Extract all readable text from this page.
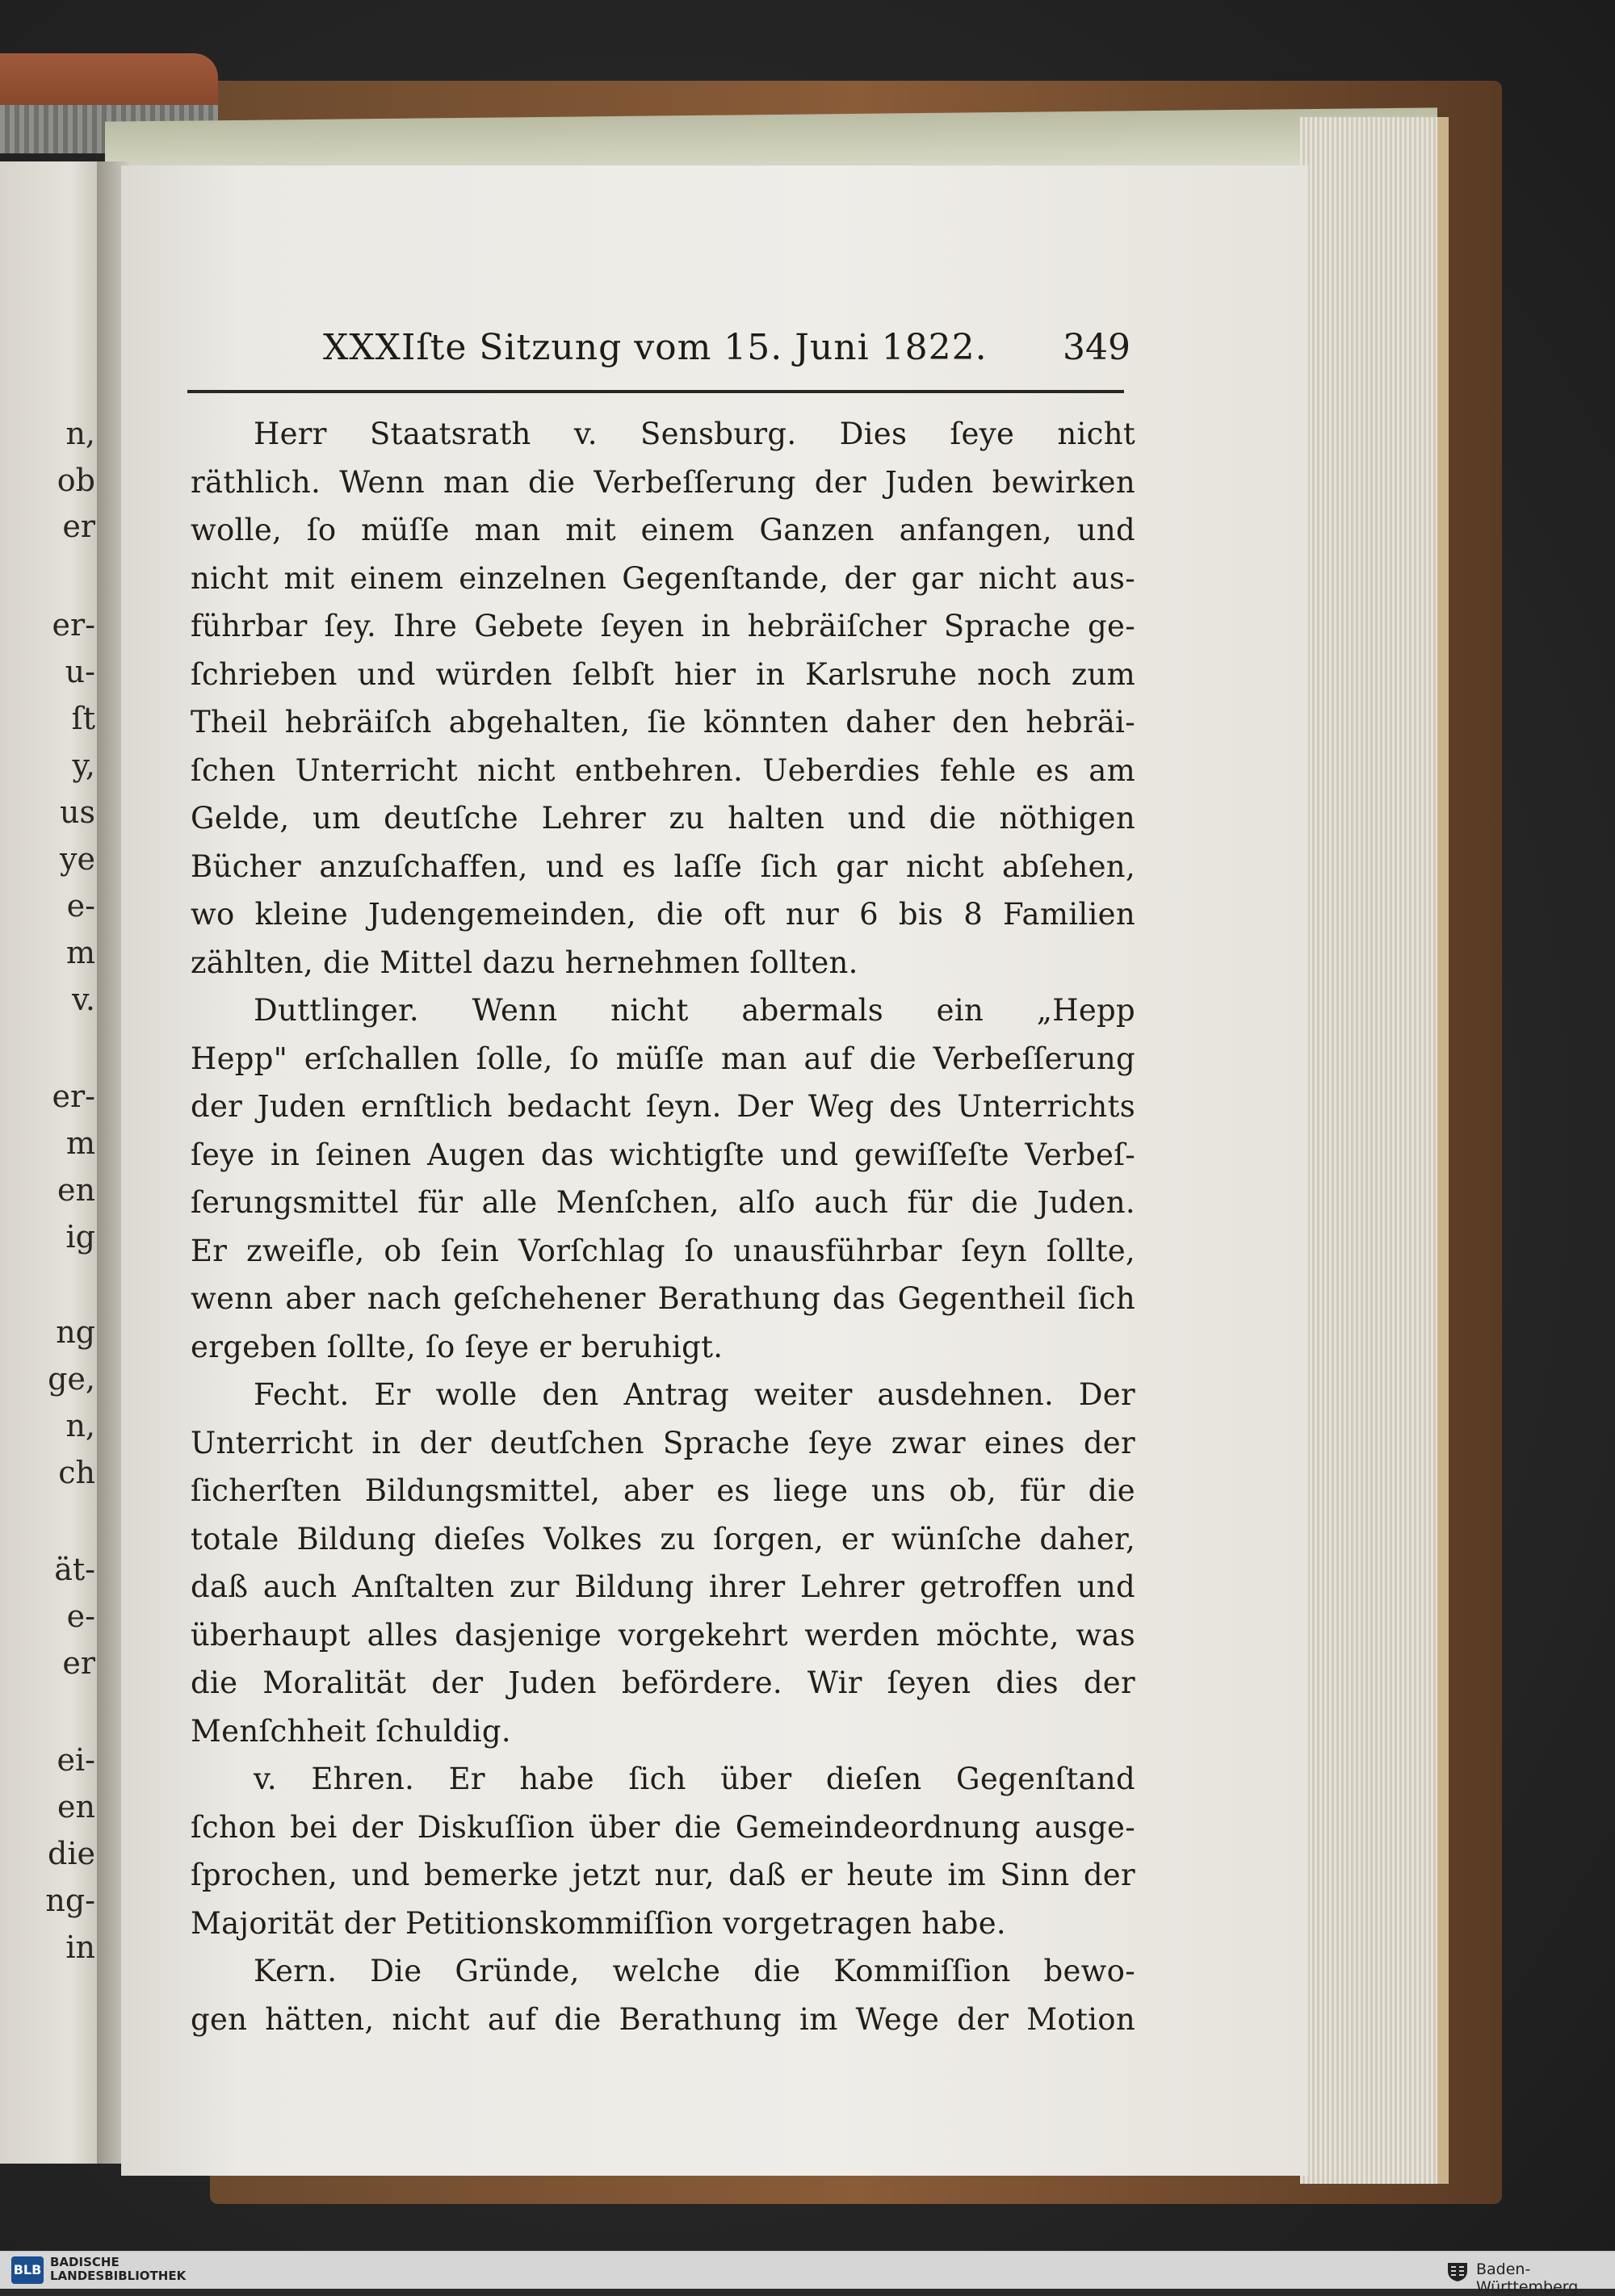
n,
ob
er
er-
u-
ſt
y,
us
ye
e-
m
v.
er-
m
en
ig
ng
ge,
n,
ch
ät-
e-
er
ei-
en
die
ng-
in
XXXIſte Sitzung vom 15. Juni 1822. 349
Herr Staatsrath v. Sensburg. Dies ſeye nicht
räthlich. Wenn man die Verbeſſerung der Juden bewirken
wolle, ſo müſſe man mit einem Ganzen anfangen, und
nicht mit einem einzelnen Gegenſtande, der gar nicht aus-
führbar ſey. Ihre Gebete ſeyen in hebräiſcher Sprache ge-
ſchrieben und würden ſelbſt hier in Karlsruhe noch zum
Theil hebräiſch abgehalten, ſie könnten daher den hebräi-
ſchen Unterricht nicht entbehren. Ueberdies fehle es am
Gelde, um deutſche Lehrer zu halten und die nöthigen
Bücher anzuſchaffen, und es laſſe ſich gar nicht abſehen,
wo kleine Judengemeinden, die oft nur 6 bis 8 Familien
zählten, die Mittel dazu hernehmen ſollten.
Duttlinger. Wenn nicht abermals ein „Hepp
Hepp" erſchallen ſolle, ſo müſſe man auf die Verbeſſerung
der Juden ernſtlich bedacht ſeyn. Der Weg des Unterrichts
ſeye in ſeinen Augen das wichtigſte und gewiſſeſte Verbeſ-
ſerungsmittel für alle Menſchen, alſo auch für die Juden.
Er zweifle, ob ſein Vorſchlag ſo unausführbar ſeyn ſollte,
wenn aber nach geſchehener Berathung das Gegentheil ſich
ergeben ſollte, ſo ſeye er beruhigt.
Fecht. Er wolle den Antrag weiter ausdehnen. Der
Unterricht in der deutſchen Sprache ſeye zwar eines der
ſicherſten Bildungsmittel, aber es liege uns ob, für die
totale Bildung dieſes Volkes zu ſorgen, er wünſche daher,
daß auch Anſtalten zur Bildung ihrer Lehrer getroffen und
überhaupt alles dasjenige vorgekehrt werden möchte, was
die Moralität der Juden befördere. Wir ſeyen dies der
Menſchheit ſchuldig.
v. Ehren. Er habe ſich über dieſen Gegenſtand
ſchon bei der Diskuſſion über die Gemeindeordnung ausge-
ſprochen, und bemerke jetzt nur, daß er heute im Sinn der
Majorität der Petitionskommiſſion vorgetragen habe.
Kern. Die Gründe, welche die Kommiſſion bewo-
gen hätten, nicht auf die Berathung im Wege der Motion
BLB BADISCHE
LANDESBIBLIOTHEK	Baden-Württemberg
